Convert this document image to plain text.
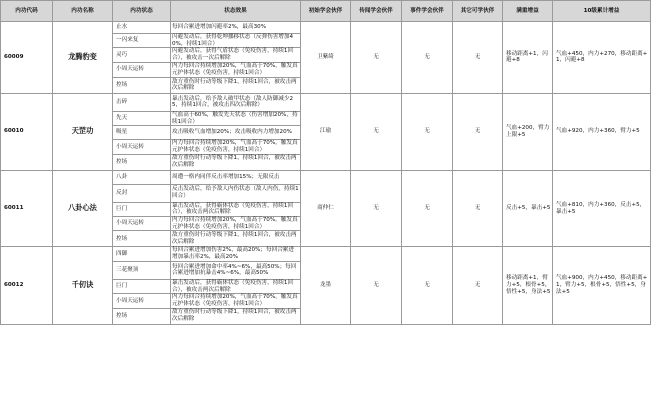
内功代码	内功名称	内功状态	状态效果	初始学会伙伴	传闻学会伙伴	事件学会伙伴	其它可学伙伴	满重增益	10级累计增益
60009	龙腾豹变	止水	每回合累进增加闪避率2%，最高30%	卫紫绮	无	无	无	移动距离+1，闪避+8	气血+450，内力+270，移动距离+1，闪避+8
		一闪来复	闪避发动后，获得乾坤挪移状态（反弹伤害增加40%，持续1回合）						
		灵巧	闪避发动后，获得气盾状态（免疫伤害，持续1回合），被攻击一次后解除						
		小周天运转	内力每回合持续增加20%，气血高于70%，触发真元护体状态（免疫伤害，持续1回合）						
		控场	敌方重伤时行动等级下降1，持续1回合，被攻击两次后解除						
60010	天罡功	击碎	暴击发动后，给予敌人破甲状态（敌人防御减少25，持续1回合，被攻击四次后解除）	江瑜	无	无	无	气血+200，臂力上限+5	气血+920，内力+360，臂力+5
		先天	气血高于60%，触发先天状态（伤害增加20%，持续1回合）						
		吸星	攻击吸收气血增加20%；攻击吸收内力增加20%						
		小周天运转	内力每回合持续增加20%，气血高于70%，触发真元护体状态（免疫伤害，持续1回合）						
		控场	敌方重伤时行动等级下降1，持续1回合，被攻击两次后解除						
60011	八卦心法	八卦	周遭一格内同伴反击率增加15%；无限反击	商仲仁	无	无	无	反击+5，暴击+5	气血+810，内力+360，反击+5，暴击+5
		反封	反击发动后，给予敌人内伤状态（敌人内伤，持续1回合）						
		巨门	暴击发动后，获得霸体状态（免疫伤害，持续1回合），被攻击两次后解除						
		小周天运转	内力每回合持续增加20%，气血高于70%，触发真元护体状态（免疫伤害，持续1回合）						
		控场	敌方重伤时行动等级下降1，持续1回合，被攻击两次后解除						
60012	千仞诀	四御	每回合累进增加伤害2%，最高20%；每回合累进增加暴击率2%，最高20%	龙墨	无	无	无	移动距离+1，臂力+5，根骨+5，悟性+5，身法+5	气血+900，内力+450，移动距离+1，臂力+5，根骨+5，悟性+5，身法+5
		三花聚顶	每回合累进增加命中率4%~6%，最高50%；每回合累进增加抗暴击4%~6%，最高50%						
		巨门	暴击发动后，获得霸体状态（免疫伤害，持续1回合），被攻击两次后解除						
		小周天运转	内力每回合持续增加20%，气血高于70%，触发真元护体状态（免疫伤害，持续1回合）						
		控场	敌方重伤时行动等级下降1，持续1回合，被攻击两次后解除						
